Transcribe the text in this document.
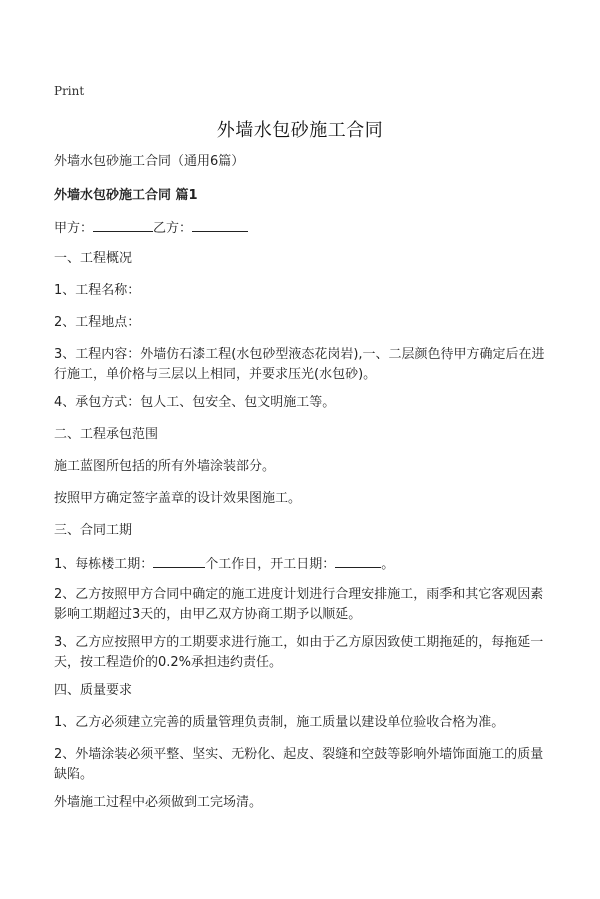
Print
外墙水包砂施工合同
外墙水包砂施工合同（通用6篇）
外墙水包砂施工合同 篇1
甲方：	乙方：
一、工程概况
1、工程名称：
2、工程地点：
3、工程内容：外墙仿石漆工程(水包砂型液态花岗岩),一、二层颜色待甲方确定后在进行施工，单价格与三层以上相同，并要求压光(水包砂)。
4、承包方式：包人工、包安全、包文明施工等。
二、工程承包范围
施工蓝图所包括的所有外墙涂装部分。
按照甲方确定签字盖章的设计效果图施工。
三、合同工期
1、每栋楼工期：	个工作日，开工日期：	。
2、乙方按照甲方合同中确定的施工进度计划进行合理安排施工，雨季和其它客观因素影响工期超过3天的，由甲乙双方协商工期予以顺延。
3、乙方应按照甲方的工期要求进行施工，如由于乙方原因致使工期拖延的，每拖延一天，按工程造价的0.2%承担违约责任。
四、质量要求
1、乙方必须建立完善的质量管理负责制，施工质量以建设单位验收合格为准。
2、外墙涂装必须平整、坚实、无粉化、起皮、裂缝和空鼓等影响外墙饰面施工的质量缺陷。
外墙施工过程中必须做到工完场清。
